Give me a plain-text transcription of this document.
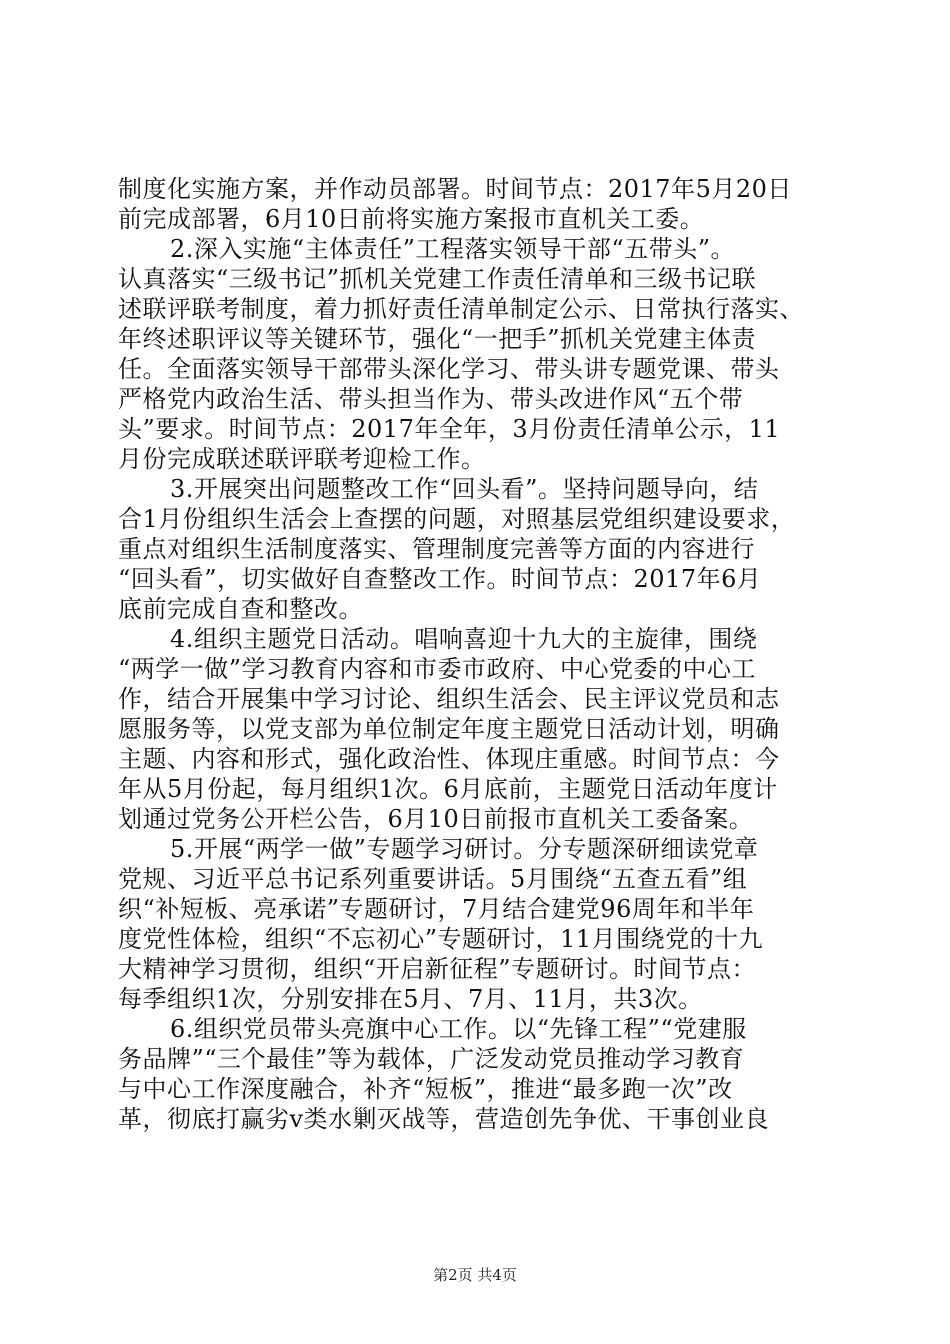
制度化实施方案，并作动员部署。时间节点：2017年5月20日
前完成部署，6月10日前将实施方案报市直机关工委。
2.深入实施“主体责任”工程落实领导干部“五带头”。
认真落实“三级书记”抓机关党建工作责任清单和三级书记联
述联评联考制度，着力抓好责任清单制定公示、日常执行落实、
年终述职评议等关键环节，强化“一把手”抓机关党建主体责
任。全面落实领导干部带头深化学习、带头讲专题党课、带头
严格党内政治生活、带头担当作为、带头改进作风“五个带
头”要求。时间节点：2017年全年，3月份责任清单公示，11
月份完成联述联评联考迎检工作。
3.开展突出问题整改工作“回头看”。坚持问题导向，结
合1月份组织生活会上查摆的问题，对照基层党组织建设要求，
重点对组织生活制度落实、管理制度完善等方面的内容进行
“回头看”，切实做好自查整改工作。时间节点：2017年6月
底前完成自查和整改。
4.组织主题党日活动。唱响喜迎十九大的主旋律，围绕
“两学一做”学习教育内容和市委市政府、中心党委的中心工
作，结合开展集中学习讨论、组织生活会、民主评议党员和志
愿服务等，以党支部为单位制定年度主题党日活动计划，明确
主题、内容和形式，强化政治性、体现庄重感。时间节点：今
年从5月份起，每月组织1次。6月底前，主题党日活动年度计
划通过党务公开栏公告，6月10日前报市直机关工委备案。
5.开展“两学一做”专题学习研讨。分专题深研细读党章
党规、习近平总书记系列重要讲话。5月围绕“五查五看”组
织“补短板、亮承诺”专题研讨，7月结合建党96周年和半年
度党性体检，组织“不忘初心”专题研讨，11月围绕党的十九
大精神学习贯彻，组织“开启新征程”专题研讨。时间节点：
每季组织1次，分别安排在5月、7月、11月，共3次。
6.组织党员带头亮旗中心工作。以“先锋工程”“党建服
务品牌”“三个最佳”等为载体，广泛发动党员推动学习教育
与中心工作深度融合，补齐“短板”，推进“最多跑一次”改
革，彻底打赢劣v类水剿灭战等，营造创先争优、干事创业良
第2页 共4页
